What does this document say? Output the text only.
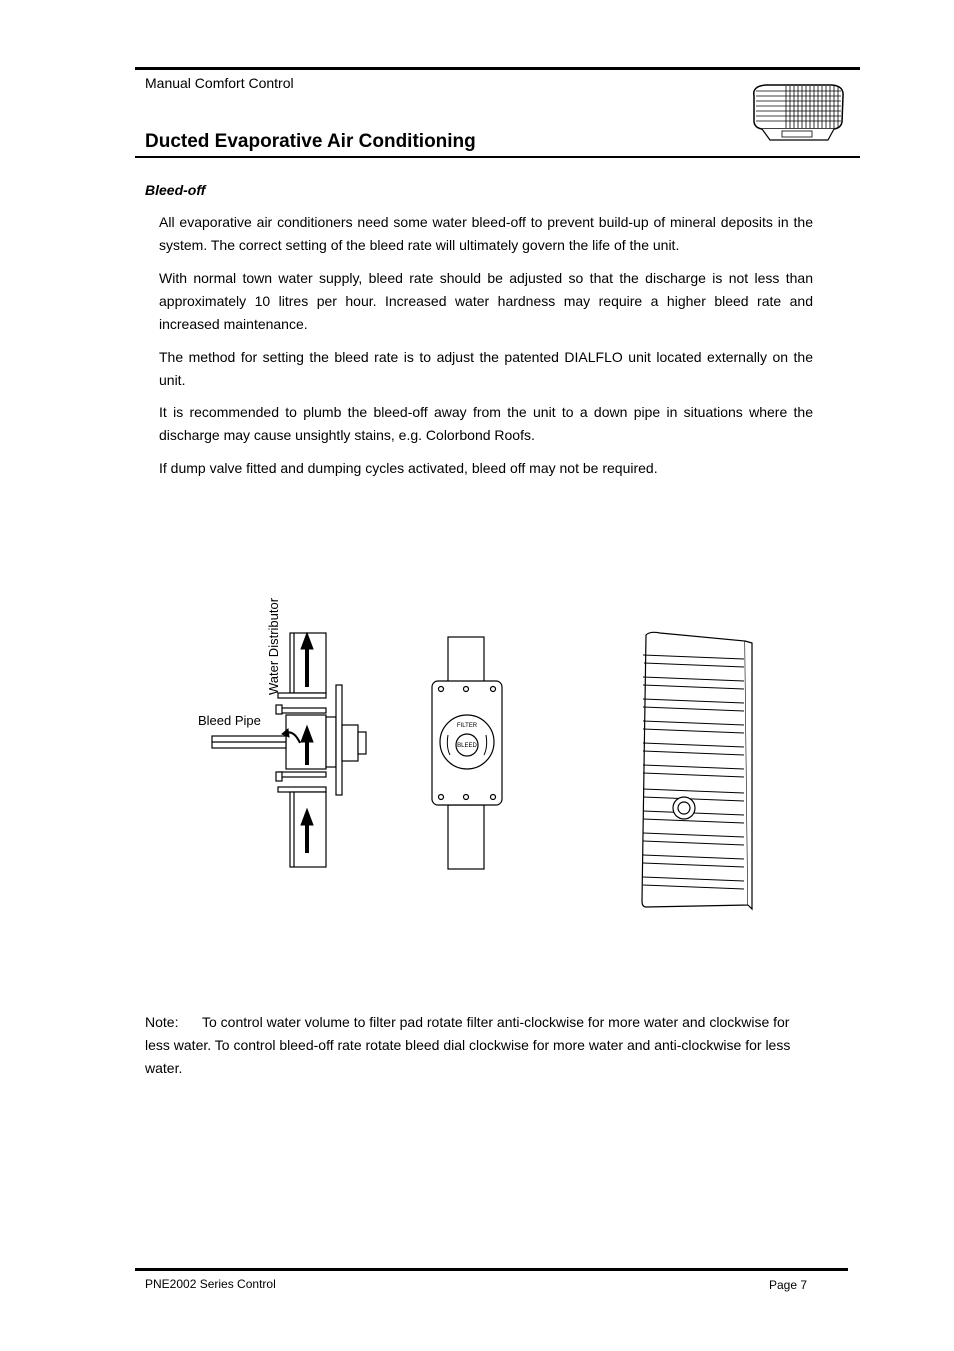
Manual Comfort Control
Ducted Evaporative Air Conditioning
Bleed-off
All evaporative air conditioners need some water bleed-off to prevent build-up of mineral deposits in the system. The correct setting of the bleed rate will ultimately govern the life of the unit.
With normal town water supply, bleed rate should be adjusted so that the discharge is not less than approximately 10 litres per hour. Increased water hardness may require a higher bleed rate and increased maintenance.
The method for setting the bleed rate is to adjust the patented DIALFLO unit located externally on the unit.
It is recommended to plumb the bleed-off away from the unit to a down pipe in situations where the discharge may cause unsightly stains, e.g. Colorbond Roofs.
If dump valve fitted and dumping cycles activated, bleed off may not be required.
Water Distributor
Bleed Pipe	FILTER
BLEED
Note: To control water volume to filter pad rotate filter anti-clockwise for more water and clockwise for less water. To control bleed-off rate rotate bleed dial clockwise for more water and anti-clockwise for less water.
PNE2002 Series Control	Page 7
